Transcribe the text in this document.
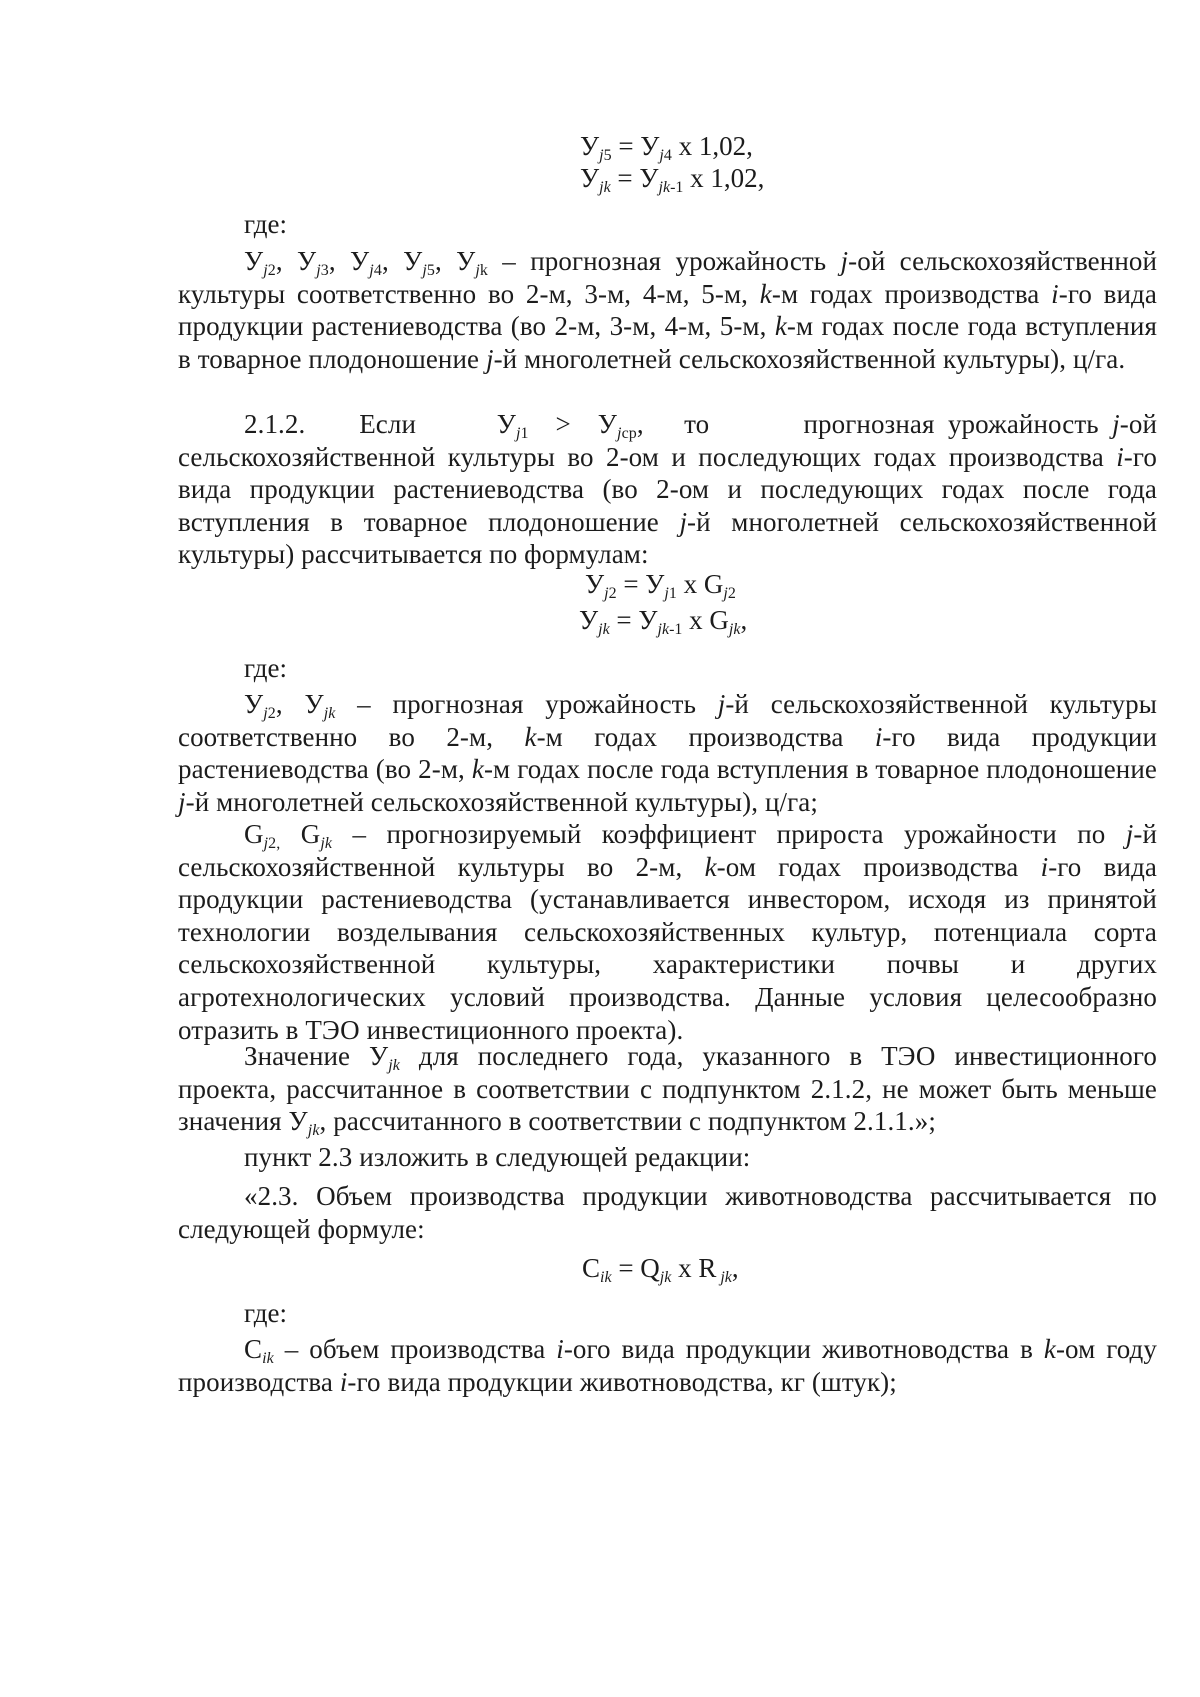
$У_{j5} = У_{j4}$ х 1,02,
$У_{jk} = У_{jk-1}$ х 1,02,
где:
$У_{j2}$, $У_{j3}$, $У_{j4}$, $У_{j5}$, $У_{jk}$ – прогнозная урожайность j-ой сельскохозяйственной культуры соответственно во 2-м, 3-м, 4-м, 5-м, k-м годах производства i-го вида продукции растениеводства (во 2-м, 3-м, 4-м, 5-м, k-м годах после года вступления в товарное плодоношение j-й многолетней сельскохозяйственной культуры), ц/га.
2.1.2.    Если      $У_{j1} > У_{jср}$,   то       прогнозная урожайность j-ой сельскохозяйственной культуры во 2-ом и последующих годах производства i-го вида продукции растениеводства (во 2-ом и последующих годах после года вступления в товарное плодоношение j-й многолетней сельскохозяйственной культуры) рассчитывается по формулам:
$У_{j2} = У_{j1}$ х $G_{j2}$
$У_{jk} = У_{jk-1}$ х $G_{jk}$,
где:
$У_{j2}$, $У_{jk}$ – прогнозная урожайность j-й сельскохозяйственной культуры соответственно во 2-м, k-м годах производства i-го вида продукции растениеводства (во 2-м, k-м годах после года вступления в товарное плодоношение j-й многолетней сельскохозяйственной культуры), ц/га;
$G_{j2,}$ $G_{jk}$ – прогнозируемый коэффициент прироста урожайности по j-й сельскохозяйственной культуры во 2-м, k-ом годах производства i-го вида продукции растениеводства (устанавливается инвестором, исходя из принятой технологии возделывания сельскохозяйственных культур, потенциала сорта сельскохозяйственной культуры, характеристики почвы и других агротехнологических условий производства. Данные условия целесообразно отразить в ТЭО инвестиционного проекта).
Значение $У_{jk}$ для последнего года, указанного в ТЭО инвестиционного проекта, рассчитанное в соответствии с подпунктом 2.1.2, не может быть меньше значения $У_{jk}$, рассчитанного в соответствии с подпунктом 2.1.1.»;
пункт 2.3 изложить в следующей редакции:
«2.3. Объем производства продукции животноводства рассчитывается по следующей формуле:
$C_{ik} = Q_{jk}$ х R $_{jk}$,
где:
$C_{ik}$ – объем производства i-ого вида продукции животноводства в k-ом году производства i-го вида продукции животноводства, кг (штук);
